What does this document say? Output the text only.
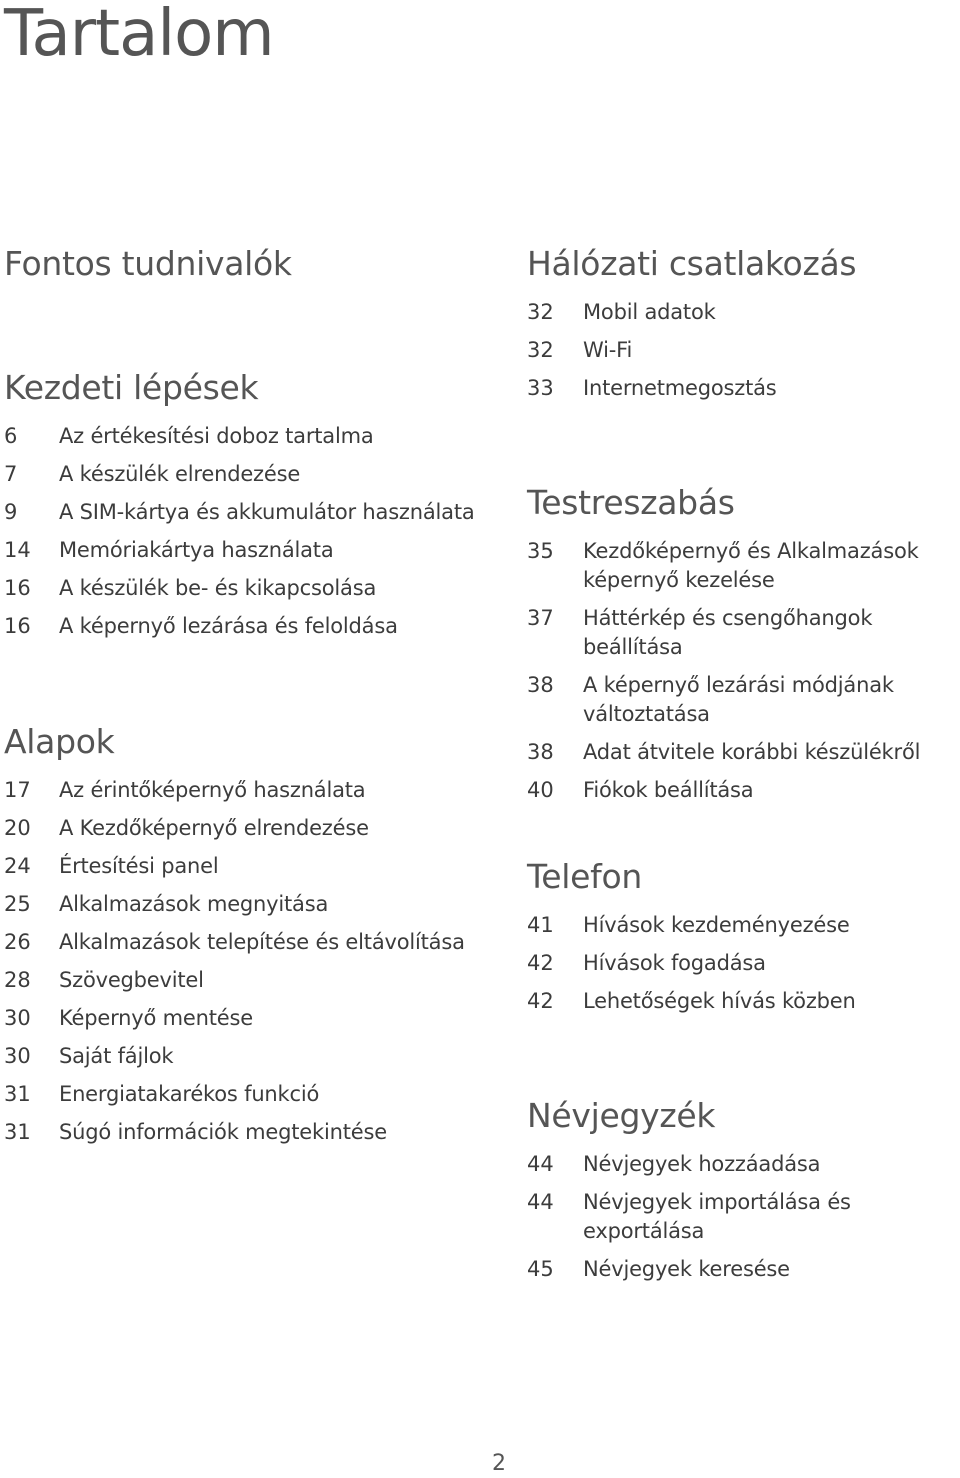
Tartalom
Fontos tudnivalók
Kezdeti lépések
6	Az értékesítési doboz tartalma
7	A készülék elrendezése
9	A SIM-kártya és akkumulátor használata
14	Memóriakártya használata
16	A készülék be- és kikapcsolása
16	A képernyő lezárása és feloldása
Alapok
17	Az érintőképernyő használata
20	A Kezdőképernyő elrendezése
24	Értesítési panel
25	Alkalmazások megnyitása
26	Alkalmazások telepítése és eltávolítása
28	Szövegbevitel
30	Képernyő mentése
30	Saját fájlok
31	Energiatakarékos funkció
31	Súgó információk megtekintése
Hálózati csatlakozás
32	Mobil adatok
32	Wi-Fi
33	Internetmegosztás
Testreszabás
35	Kezdőképernyő és Alkalmazások képernyő kezelése
37	Háttérkép és csengőhangok beállítása
38	A képernyő lezárási módjának változtatása
38	Adat átvitele korábbi készülékről
40	Fiókok beállítása
Telefon
41	Hívások kezdeményezése
42	Hívások fogadása
42	Lehetőségek hívás közben
Névjegyzék
44	Névjegyek hozzáadása
44	Névjegyek importálása és exportálása
45	Névjegyek keresése
2
